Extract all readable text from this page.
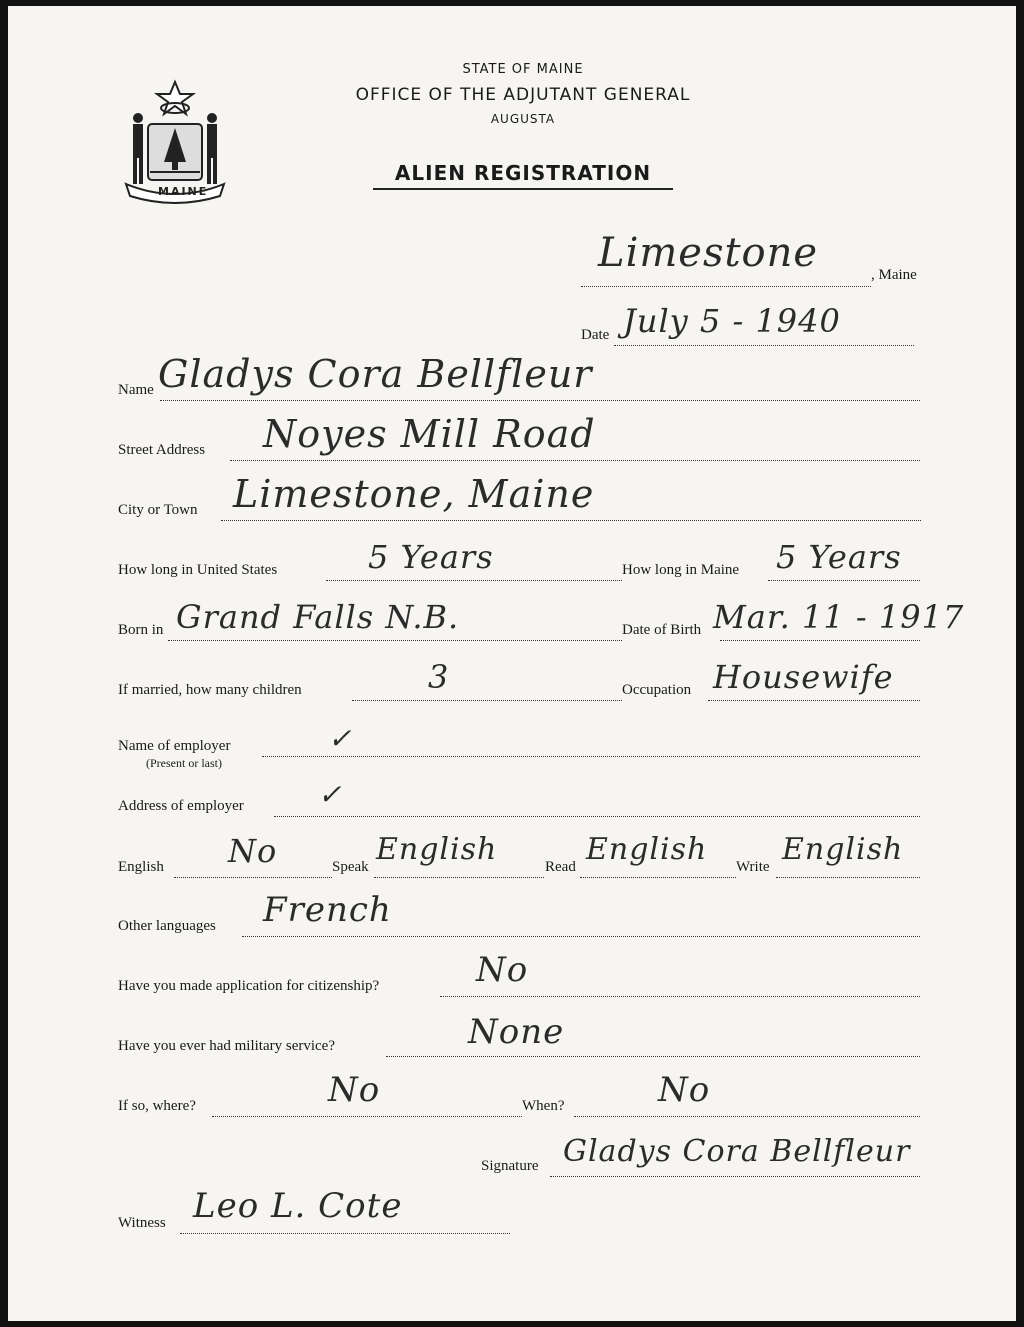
MAINE
STATE OF MAINE
OFFICE OF THE ADJUTANT GENERAL
AUGUSTA
ALIEN REGISTRATION
Limestone	, Maine
Date July 5 - 1940
Name Gladys Cora Bellfleur
Street Address Noyes Mill Road
City or Town Limestone, Maine
How long in United States	5 Years	How long in Maine 5 Years
Born in Grand Falls N.B.	Date of Birth Mar. 11 - 1917
If married, how many children	3	Occupation Housewife
Name of employer
(Present or last)
✓
Address of employer	✓
English No	Speak English	Read English Write English
Other languages French
Have you made application for citizenship?	No
Have you ever had military service?	None
If so, where?	No	When?	No
Signature Gladys Cora Bellfleur
Witness Leo L. Cote
